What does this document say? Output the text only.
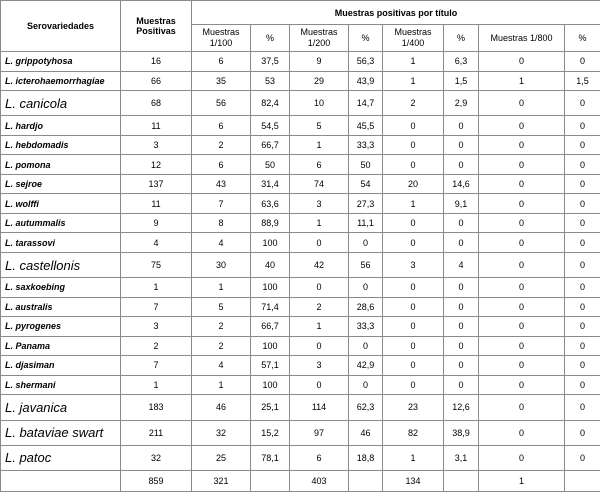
Serovariedades	Muestras Positivas	Muestras positivas por título							
		Muestras 1/100	%	Muestras 1/200	%	Muestras 1/400	%	Muestras 1/800	%
L. grippotyhosa	16	6	37,5	9	56,3	1	6,3	0	0
L. icterohaemorrhagiae	66	35	53	29	43,9	1	1,5	1	1,5
L. canicola	68	56	82,4	10	14,7	2	2,9	0	0
L. hardjo	11	6	54,5	5	45,5	0	0	0	0
L. hebdomadis	3	2	66,7	1	33,3	0	0	0	0
L. pomona	12	6	50	6	50	0	0	0	0
L. sejroe	137	43	31,4	74	54	20	14,6	0	0
L. wolffi	11	7	63,6	3	27,3	1	9,1	0	0
L. autummalis	9	8	88,9	1	11,1	0	0	0	0
L. tarassovi	4	4	100	0	0	0	0	0	0
L. castellonis	75	30	40	42	56	3	4	0	0
L. saxkoebing	1	1	100	0	0	0	0	0	0
L. australis	7	5	71,4	2	28,6	0	0	0	0
L. pyrogenes	3	2	66,7	1	33,3	0	0	0	0
L. Panama	2	2	100	0	0	0	0	0	0
L. djasiman	7	4	57,1	3	42,9	0	0	0	0
L. shermani	1	1	100	0	0	0	0	0	0
L. javanica	183	46	25,1	114	62,3	23	12,6	0	0
L. bataviae swart	211	32	15,2	97	46	82	38,9	0	0
L. patoc	32	25	78,1	6	18,8	1	3,1	0	0
	859	321		403		134		1	
